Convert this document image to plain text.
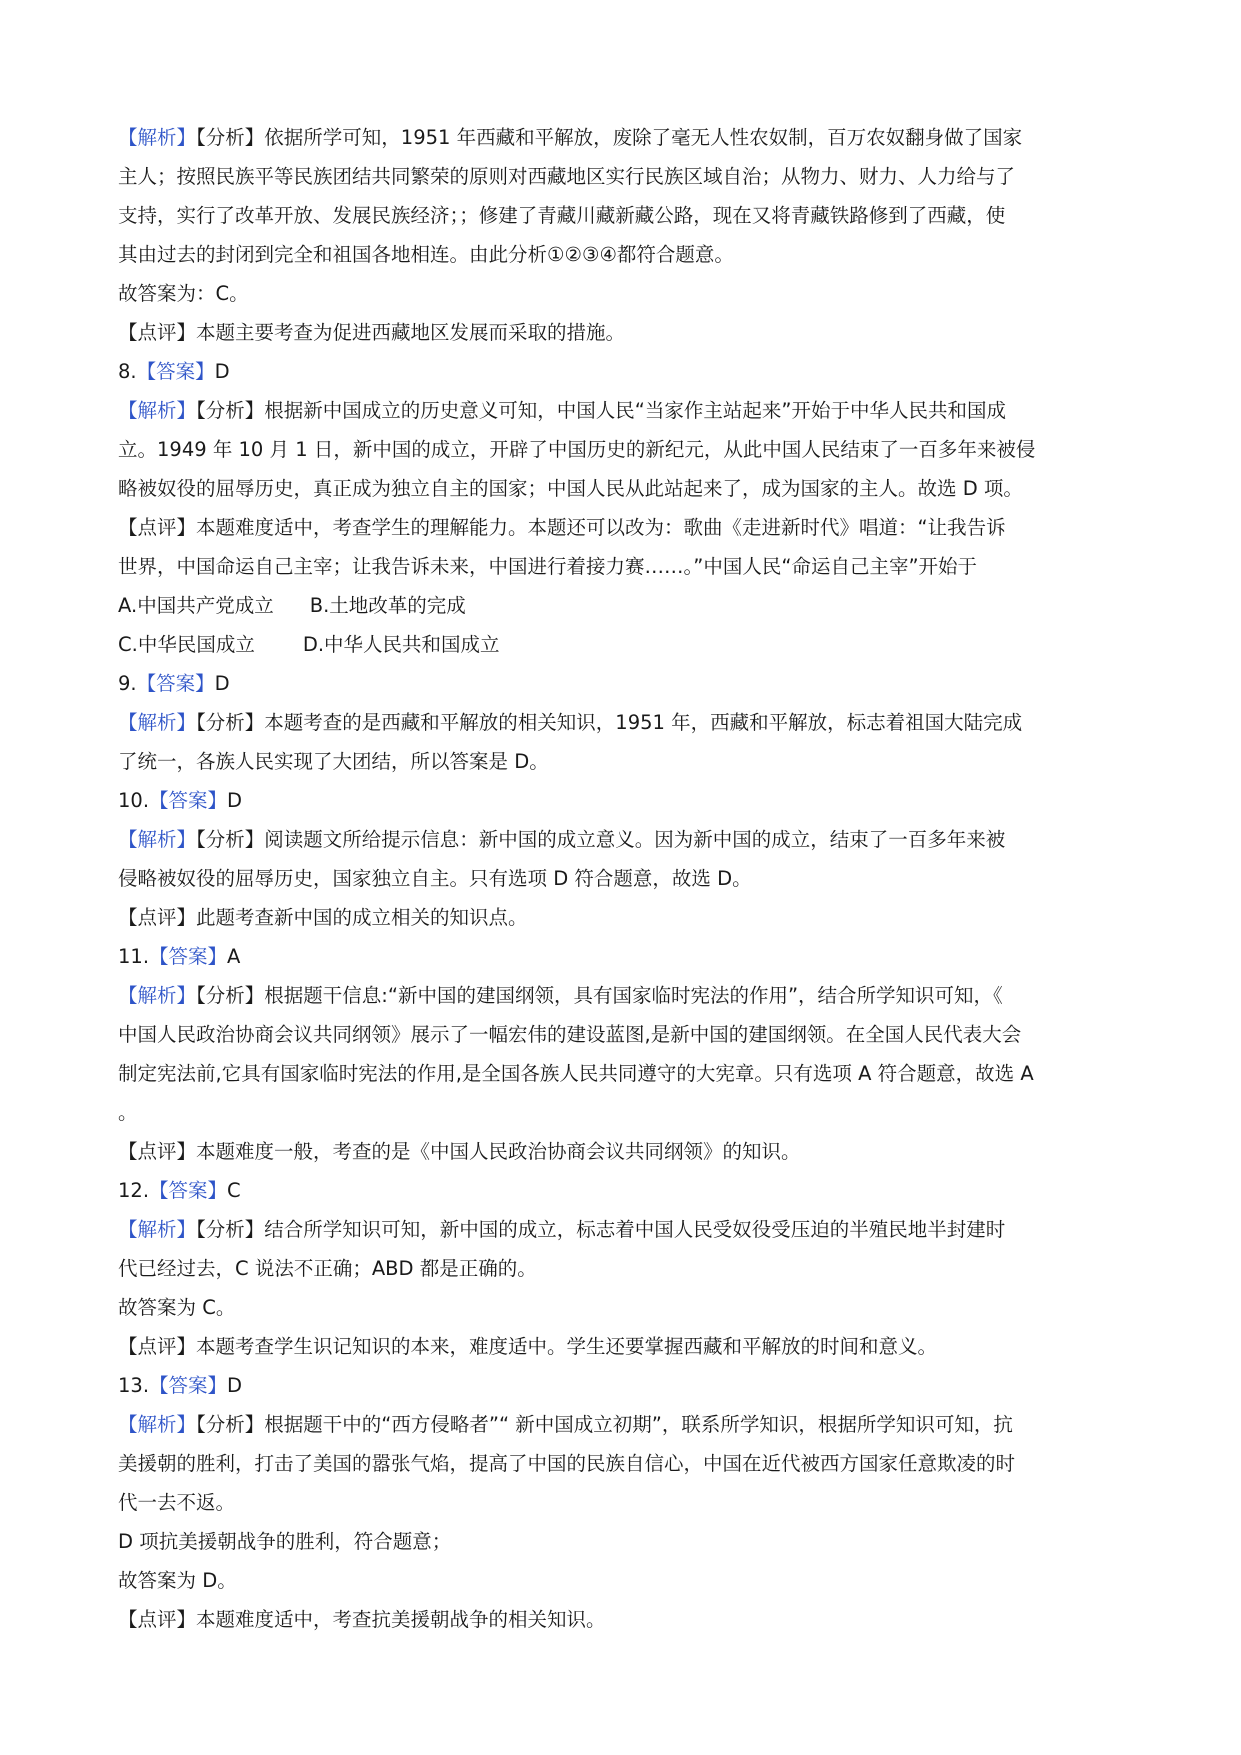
【解析】【分析】依据所学可知，1951 年西藏和平解放，废除了毫无人性农奴制，百万农奴翻身做了国家
主人；按照民族平等民族团结共同繁荣的原则对西藏地区实行民族区域自治；从物力、财力、人力给与了
支持，实行了改革开放、发展民族经济；；修建了青藏川藏新藏公路，现在又将青藏铁路修到了西藏，使
其由过去的封闭到完全和祖国各地相连。由此分析①②③④都符合题意。
故答案为：C。
【点评】本题主要考查为促进西藏地区发展而采取的措施。
8.【答案】D
【解析】【分析】根据新中国成立的历史意义可知，中国人民“当家作主站起来”开始于中华人民共和国成
立。1949 年 10 月 1 日，新中国的成立，开辟了中国历史的新纪元，从此中国人民结束了一百多年来被侵
略被奴役的屈辱历史，真正成为独立自主的国家；中国人民从此站起来了，成为国家的主人。故选 D 项。
【点评】本题难度适中，考查学生的理解能力。本题还可以改为：歌曲《走进新时代》唱道：“让我告诉
世界，中国命运自己主宰；让我告诉未来，中国进行着接力赛……。”中国人民“命运自己主宰”开始于
A.中国共产党成立 B.土地改革的完成
C.中华民国成立 D.中华人民共和国成立
9.【答案】D
【解析】【分析】本题考查的是西藏和平解放的相关知识，1951 年，西藏和平解放，标志着祖国大陆完成
了统一，各族人民实现了大团结，所以答案是 D。
10.【答案】D
【解析】【分析】阅读题文所给提示信息：新中国的成立意义。因为新中国的成立，结束了一百多年来被
侵略被奴役的屈辱历史，国家独立自主。只有选项 D 符合题意，故选 D。
【点评】此题考查新中国的成立相关的知识点。
11.【答案】A
【解析】【分析】根据题干信息:“新中国的建国纲领，具有国家临时宪法的作用”，结合所学知识可知，《
中国人民政治协商会议共同纲领》展示了一幅宏伟的建设蓝图,是新中国的建国纲领。在全国人民代表大会
制定宪法前,它具有国家临时宪法的作用,是全国各族人民共同遵守的大宪章。只有选项 A 符合题意，故选 A
。
【点评】本题难度一般，考查的是《中国人民政治协商会议共同纲领》的知识。
12.【答案】C
【解析】【分析】结合所学知识可知，新中国的成立，标志着中国人民受奴役受压迫的半殖民地半封建时
代已经过去，C 说法不正确；ABD 都是正确的。
故答案为 C。
【点评】本题考查学生识记知识的本来，难度适中。学生还要掌握西藏和平解放的时间和意义。
13.【答案】D
【解析】【分析】根据题干中的“西方侵略者”“ 新中国成立初期”，联系所学知识，根据所学知识可知，抗
美援朝的胜利，打击了美国的嚣张气焰，提高了中国的民族自信心，中国在近代被西方国家任意欺凌的时
代一去不返。
D 项抗美援朝战争的胜利，符合题意；
故答案为 D。
【点评】本题难度适中，考查抗美援朝战争的相关知识。
